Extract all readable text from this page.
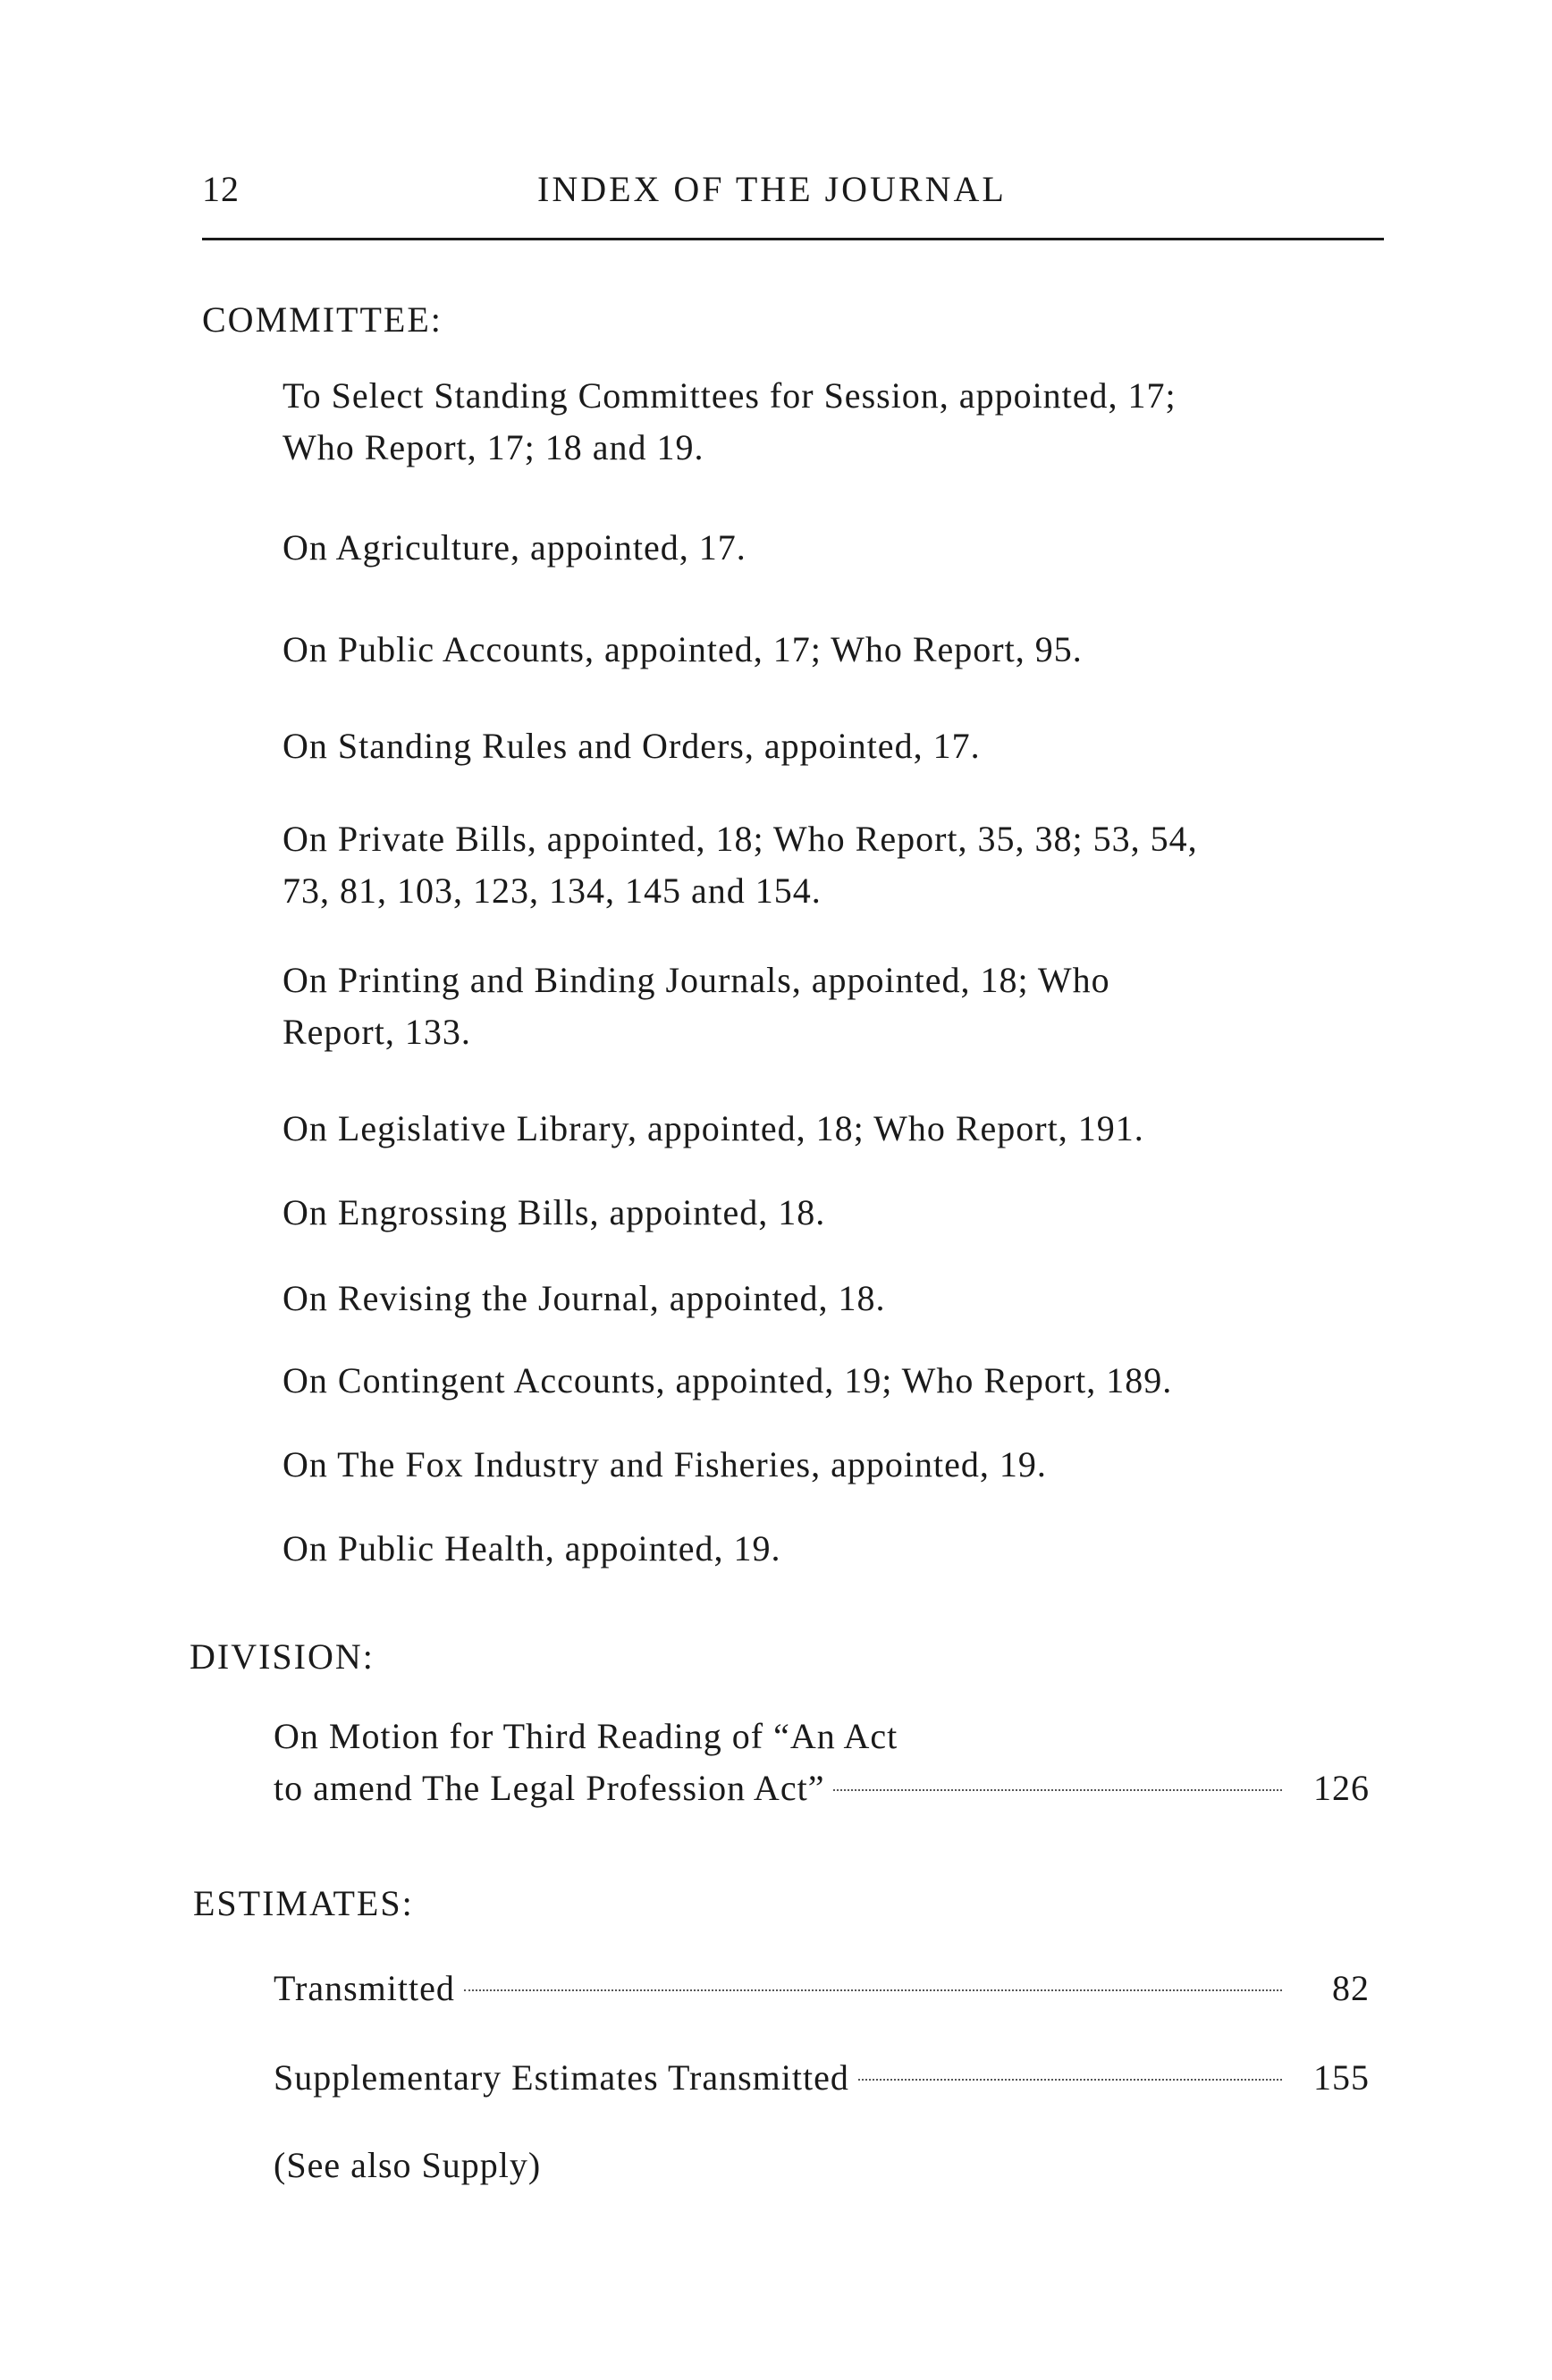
12	INDEX OF THE JOURNAL
COMMITTEE:
To Select Standing Committees for Session, appointed, 17;
Who Report, 17; 18 and 19.
On Agriculture, appointed, 17.
On Public Accounts, appointed, 17; Who Report, 95.
On Standing Rules and Orders, appointed, 17.
On Private Bills, appointed, 18; Who Report, 35, 38; 53, 54,
73, 81, 103, 123, 134, 145 and 154.
On Printing and Binding Journals, appointed, 18; Who
Report, 133.
On Legislative Library, appointed, 18; Who Report, 191.
On Engrossing Bills, appointed, 18.
On Revising the Journal, appointed, 18.
On Contingent Accounts, appointed, 19; Who Report, 189.
On The Fox Industry and Fisheries, appointed, 19.
On Public Health, appointed, 19.
DIVISION:
On Motion for Third Reading of “An Act
to amend The Legal Profession Act”	126
ESTIMATES:
Transmitted	82
Supplementary Estimates Transmitted	155
(See also Supply)
